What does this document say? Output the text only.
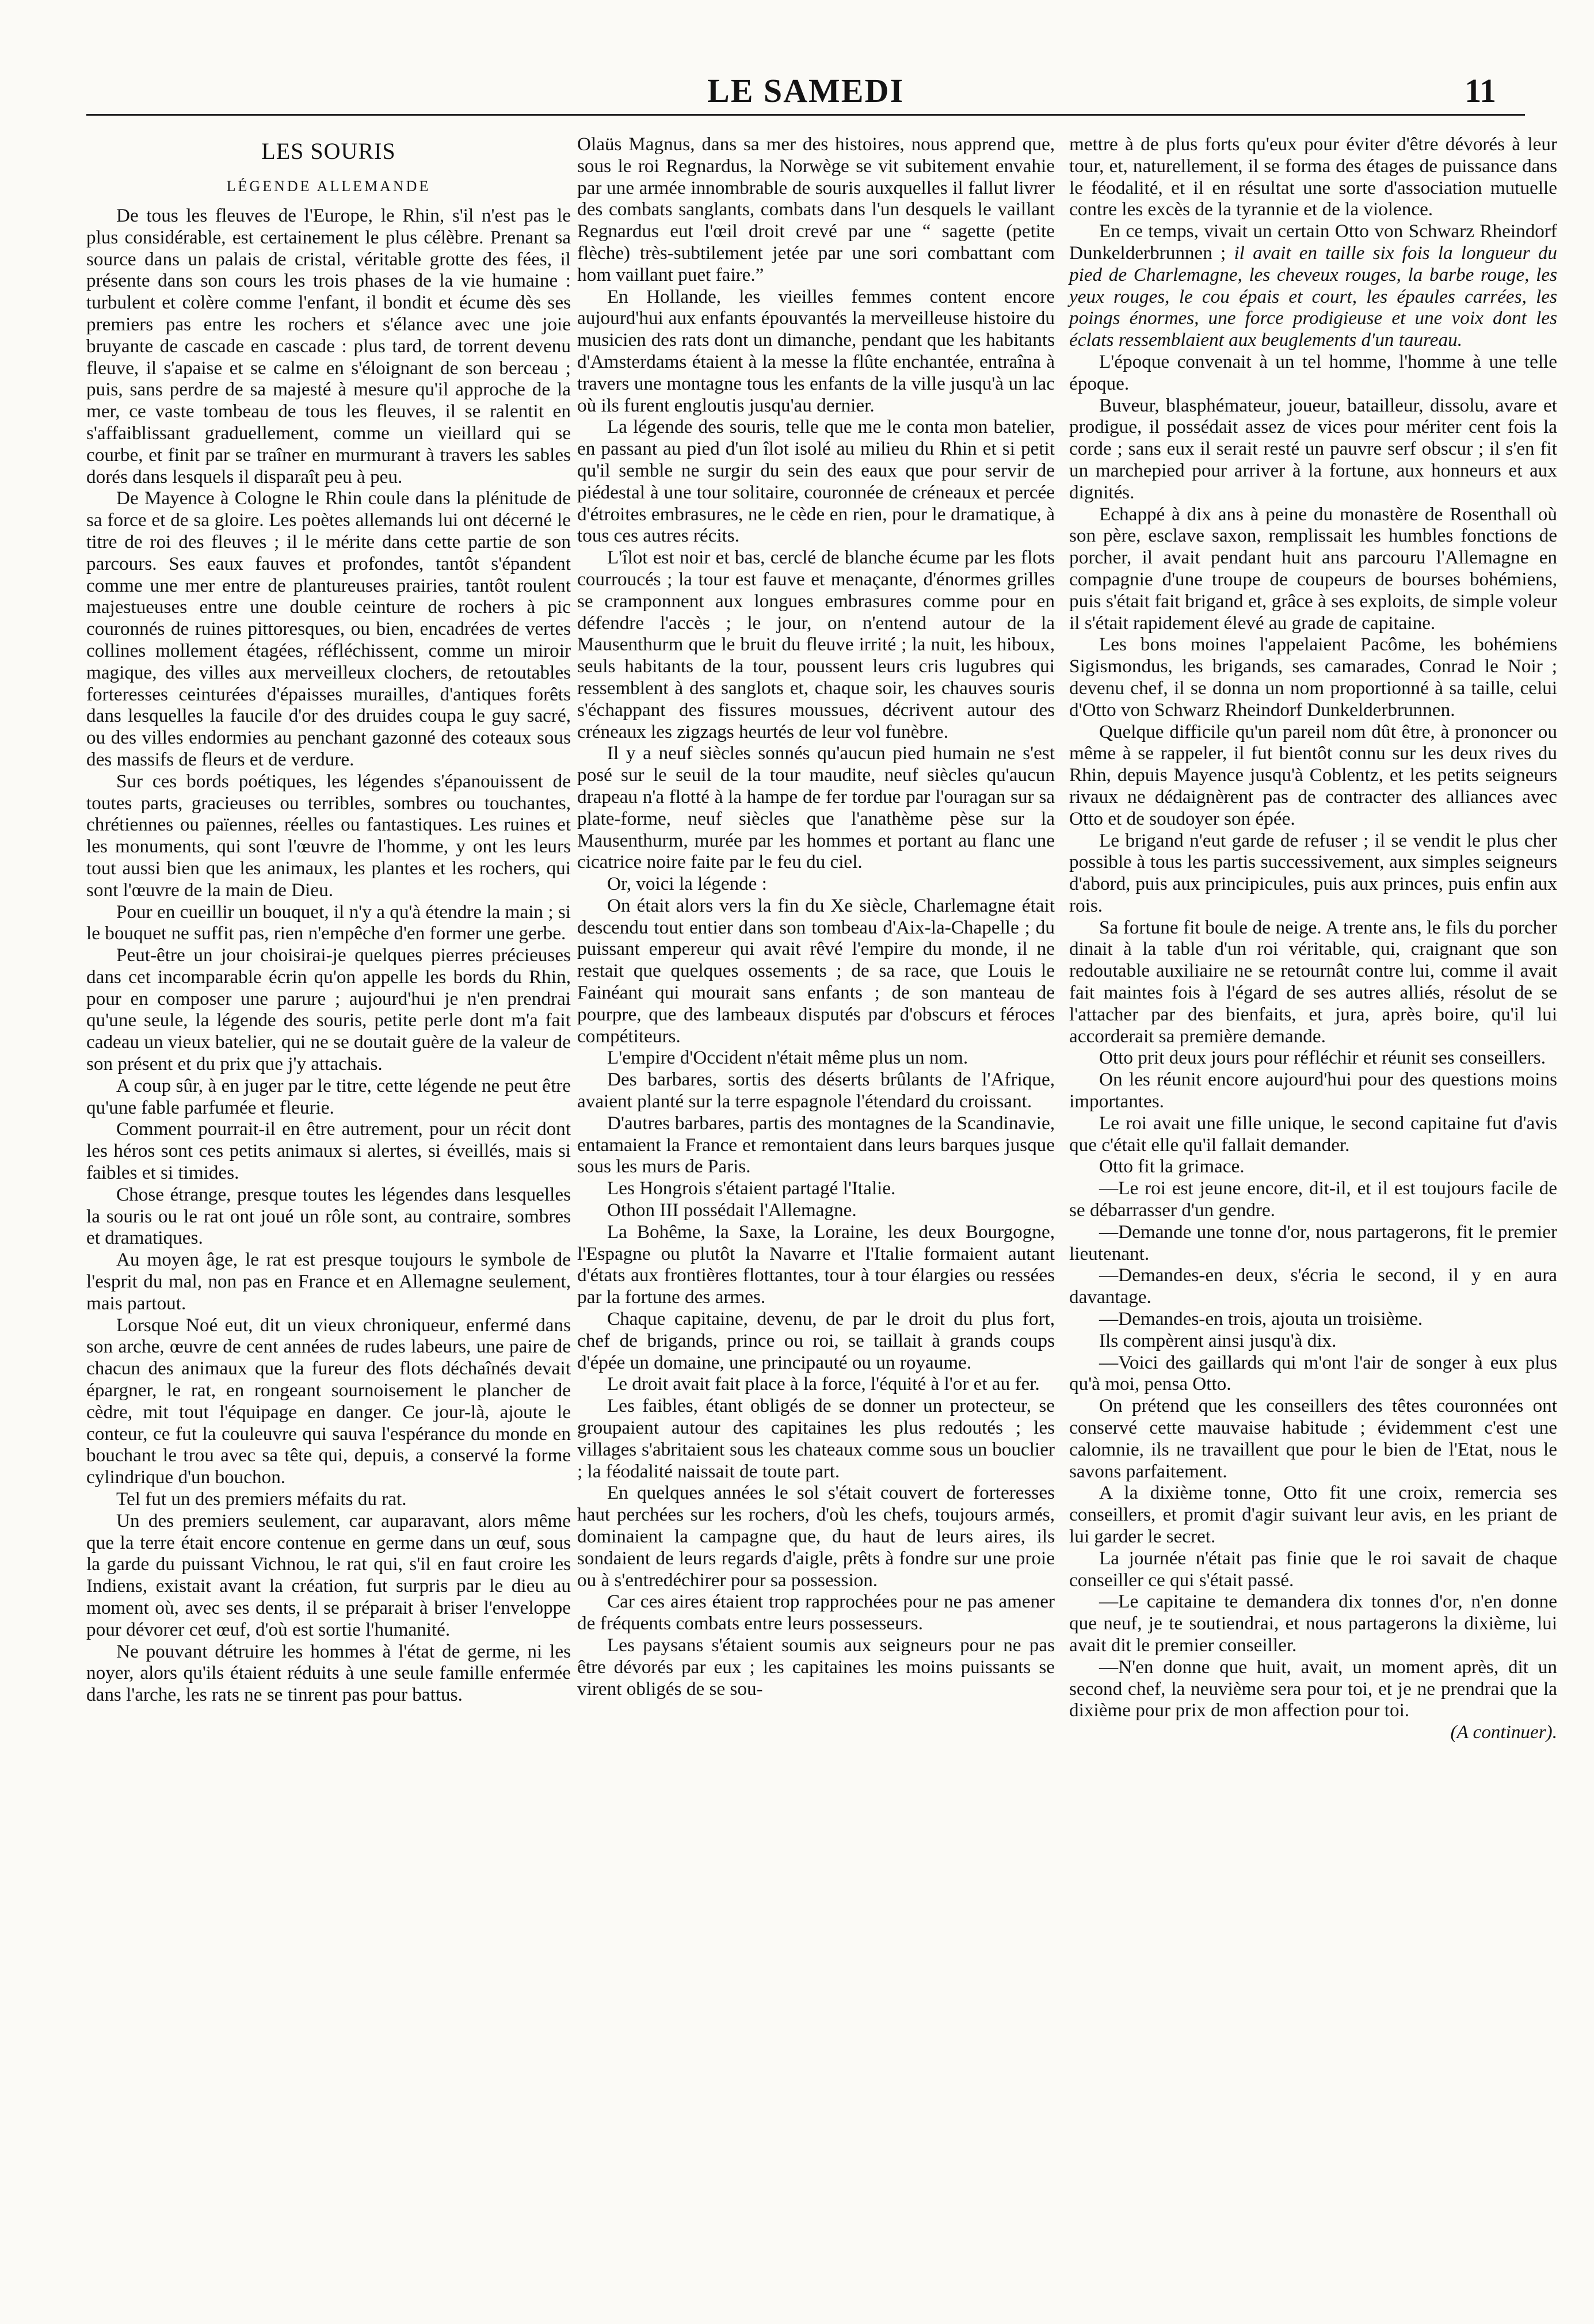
LE SAMEDI	11
LES SOURIS
LÉGENDE ALLEMANDE

De tous les fleuves de l'Europe, le Rhin, s'il n'est pas le plus considérable, est certainement le plus célèbre. Prenant sa source dans un palais de cristal, véritable grotte des fées, il présente dans son cours les trois phases de la vie humaine : turbulent et colère comme l'enfant, il bondit et écume dès ses premiers pas entre les rochers et s'élance avec une joie bruyante de cascade en cascade : plus tard, de torrent devenu fleuve, il s'apaise et se calme en s'éloignant de son berceau ; puis, sans perdre de sa majesté à mesure qu'il approche de la mer, ce vaste tombeau de tous les fleuves, il se ralentit en s'affaiblissant graduellement, comme un vieillard qui se courbe, et finit par se traîner en murmurant à travers les sables dorés dans lesquels il disparaît peu à peu.

De Mayence à Cologne le Rhin coule dans la plénitude de sa force et de sa gloire. Les poètes allemands lui ont décerné le titre de roi des fleuves ; il le mérite dans cette partie de son parcours. Ses eaux fauves et profondes, tantôt s'épandent comme une mer entre de plantureuses prairies, tantôt roulent majestueuses entre une double ceinture de rochers à pic couronnés de ruines pittoresques, ou bien, encadrées de vertes collines mollement étagées, réfléchissent, comme un miroir magique, des villes aux merveilleux clochers, de retoutables forteresses ceinturées d'épaisses murailles, d'antiques forêts dans lesquelles la faucile d'or des druides coupa le guy sacré, ou des villes endormies au penchant gazonné des coteaux sous des massifs de fleurs et de verdure.

Sur ces bords poétiques, les légendes s'épanouissent de toutes parts, gracieuses ou terribles, sombres ou touchantes, chrétiennes ou païennes, réelles ou fantastiques. Les ruines et les monuments, qui sont l'œuvre de l'homme, y ont les leurs tout aussi bien que les animaux, les plantes et les rochers, qui sont l'œuvre de la main de Dieu.

Pour en cueillir un bouquet, il n'y a qu'à étendre la main ; si le bouquet ne suffit pas, rien n'empêche d'en former une gerbe.

Peut-être un jour choisirai-je quelques pierres précieuses dans cet incomparable écrin qu'on appelle les bords du Rhin, pour en composer une parure ; aujourd'hui je n'en prendrai qu'une seule, la légende des souris, petite perle dont m'a fait cadeau un vieux batelier, qui ne se doutait guère de la valeur de son présent et du prix que j'y attachais.

A coup sûr, à en juger par le titre, cette légende ne peut être qu'une fable parfumée et fleurie.

Comment pourrait-il en être autrement, pour un récit dont les héros sont ces petits animaux si alertes, si éveillés, mais si faibles et si timides.

Chose étrange, presque toutes les légendes dans lesquelles la souris ou le rat ont joué un rôle sont, au contraire, sombres et dramatiques.

Au moyen âge, le rat est presque toujours le symbole de l'esprit du mal, non pas en France et en Allemagne seulement, mais partout.

Lorsque Noé eut, dit un vieux chroniqueur, enfermé dans son arche, œuvre de cent années de rudes labeurs, une paire de chacun des animaux que la fureur des flots déchaînés devait épargner, le rat, en rongeant sournoisement le plancher de cèdre, mit tout l'équipage en danger. Ce jour-là, ajoute le conteur, ce fut la couleuvre qui sauva l'espérance du monde en bouchant le trou avec sa tête qui, depuis, a conservé la forme cylindrique d'un bouchon.

Tel fut un des premiers méfaits du rat.

Un des premiers seulement, car auparavant, alors même que la terre était encore contenue en germe dans un œuf, sous la garde du puissant Vichnou, le rat qui, s'il en faut croire les Indiens, existait avant la création, fut surpris par le dieu au moment où, avec ses dents, il se préparait à briser l'enveloppe pour dévorer cet œuf, d'où est sortie l'humanité.

Ne pouvant détruire les hommes à l'état de germe, ni les noyer, alors qu'ils étaient réduits à une seule famille enfermée dans l'arche, les rats ne se tinrent pas pour battus.

Olaüs Magnus, dans sa mer des histoires, nous apprend que, sous le roi Regnardus, la Norwège se vit subitement envahie par une armée innombrable de souris auxquelles il fallut livrer des combats sanglants, combats dans l'un desquels le vaillant Regnardus eut l'œil droit crevé par une “ sagette (petite flèche) très-subtilement jetée par une sori combattant com hom vaillant puet faire.”

En Hollande, les vieilles femmes content encore aujourd'hui aux enfants épouvantés la merveilleuse histoire du musicien des rats dont un dimanche, pendant que les habitants d'Amsterdams étaient à la messe la flûte enchantée, entraîna à travers une montagne tous les enfants de la ville jusqu'à un lac où ils furent engloutis jusqu'au dernier.

La légende des souris, telle que me le conta mon batelier, en passant au pied d'un îlot isolé au milieu du Rhin et si petit qu'il semble ne surgir du sein des eaux que pour servir de piédestal à une tour solitaire, couronnée de créneaux et percée d'étroites embrasures, ne le cède en rien, pour le dramatique, à tous ces autres récits.

L'îlot est noir et bas, cerclé de blanche écume par les flots courroucés ; la tour est fauve et menaçante, d'énormes grilles se cramponnent aux longues embrasures comme pour en défendre l'accès ; le jour, on n'entend autour de la Mausenthurm que le bruit du fleuve irrité ; la nuit, les hiboux, seuls habitants de la tour, poussent leurs cris lugubres qui ressemblent à des sanglots et, chaque soir, les chauves souris s'échappant des fissures moussues, décrivent autour des créneaux les zigzags heurtés de leur vol funèbre.

Il y a neuf siècles sonnés qu'aucun pied humain ne s'est posé sur le seuil de la tour maudite, neuf siècles qu'aucun drapeau n'a flotté à la hampe de fer tordue par l'ouragan sur sa plate-forme, neuf siècles que l'anathème pèse sur la Mausenthurm, murée par les hommes et portant au flanc une cicatrice noire faite par le feu du ciel.

Or, voici la légende :

On était alors vers la fin du Xe siècle, Charlemagne était descendu tout entier dans son tombeau d'Aix-la-Chapelle ; du puissant empereur qui avait rêvé l'empire du monde, il ne restait que quelques ossements ; de sa race, que Louis le Fainéant qui mourait sans enfants ; de son manteau de pourpre, que des lambeaux disputés par d'obscurs et féroces compétiteurs.

L'empire d'Occident n'était même plus un nom.

Des barbares, sortis des déserts brûlants de l'Afrique, avaient planté sur la terre espagnole l'étendard du croissant.

D'autres barbares, partis des montagnes de la Scandinavie, entamaient la France et remontaient dans leurs barques jusque sous les murs de Paris.

Les Hongrois s'étaient partagé l'Italie.

Othon III possédait l'Allemagne.

La Bohême, la Saxe, la Loraine, les deux Bourgogne, l'Espagne ou plutôt la Navarre et l'Italie formaient autant d'états aux frontières flottantes, tour à tour élargies ou ressées par la fortune des armes.

Chaque capitaine, devenu, de par le droit du plus fort, chef de brigands, prince ou roi, se taillait à grands coups d'épée un domaine, une principauté ou un royaume.

Le droit avait fait place à la force, l'équité à l'or et au fer.

Les faibles, étant obligés de se donner un protecteur, se groupaient autour des capitaines les plus redoutés ; les villages s'abritaient sous les chateaux comme sous un bouclier ; la féodalité naissait de toute part.

En quelques années le sol s'était couvert de forteresses haut perchées sur les rochers, d'où les chefs, toujours armés, dominaient la campagne que, du haut de leurs aires, ils sondaient de leurs regards d'aigle, prêts à fondre sur une proie ou à s'entredéchirer pour sa possession.

Car ces aires étaient trop rapprochées pour ne pas amener de fréquents combats entre leurs possesseurs.

Les paysans s'étaient soumis aux seigneurs pour ne pas être dévorés par eux ; les capitaines les moins puissants se virent obligés de se sou-

mettre à de plus forts qu'eux pour éviter d'être dévorés à leur tour, et, naturellement, il se forma des étages de puissance dans le féodalité, et il en résultat une sorte d'association mutuelle contre les excès de la tyrannie et de la violence.

En ce temps, vivait un certain Otto von Schwarz Rheindorf Dunkelderbrunnen ; il avait en taille six fois la longueur du pied de Charlemagne, les cheveux rouges, la barbe rouge, les yeux rouges, le cou épais et court, les épaules carrées, les poings énormes, une force prodigieuse et une voix dont les éclats ressemblaient aux beuglements d'un taureau.

L'époque convenait à un tel homme, l'homme à une telle époque.

Buveur, blasphémateur, joueur, batailleur, dissolu, avare et prodigue, il possédait assez de vices pour mériter cent fois la corde ; sans eux il serait resté un pauvre serf obscur ; il s'en fit un marchepied pour arriver à la fortune, aux honneurs et aux dignités.

Echappé à dix ans à peine du monastère de Rosenthall où son père, esclave saxon, remplissait les humbles fonctions de porcher, il avait pendant huit ans parcouru l'Allemagne en compagnie d'une troupe de coupeurs de bourses bohémiens, puis s'était fait brigand et, grâce à ses exploits, de simple voleur il s'était rapidement élevé au grade de capitaine.

Les bons moines l'appelaient Pacôme, les bohémiens Sigismondus, les brigands, ses camarades, Conrad le Noir ; devenu chef, il se donna un nom proportionné à sa taille, celui d'Otto von Schwarz Rheindorf Dunkelderbrunnen.

Quelque difficile qu'un pareil nom dût être, à prononcer ou même à se rappeler, il fut bientôt connu sur les deux rives du Rhin, depuis Mayence jusqu'à Coblentz, et les petits seigneurs rivaux ne dédaignèrent pas de contracter des alliances avec Otto et de soudoyer son épée.

Le brigand n'eut garde de refuser ; il se vendit le plus cher possible à tous les partis successivement, aux simples seigneurs d'abord, puis aux principicules, puis aux princes, puis enfin aux rois.

Sa fortune fit boule de neige. A trente ans, le fils du porcher dinait à la table d'un roi véritable, qui, craignant que son redoutable auxiliaire ne se retournât contre lui, comme il avait fait maintes fois à l'égard de ses autres alliés, résolut de se l'attacher par des bienfaits, et jura, après boire, qu'il lui accorderait sa première demande.

Otto prit deux jours pour réfléchir et réunit ses conseillers.

On les réunit encore aujourd'hui pour des questions moins importantes.

Le roi avait une fille unique, le second capitaine fut d'avis que c'était elle qu'il fallait demander.

Otto fit la grimace.

—Le roi est jeune encore, dit-il, et il est toujours facile de se débarrasser d'un gendre.

—Demande une tonne d'or, nous partagerons, fit le premier lieutenant.

—Demandes-en deux, s'écria le second, il y en aura davantage.

—Demandes-en trois, ajouta un troisième.

Ils compèrent ainsi jusqu'à dix.

—Voici des gaillards qui m'ont l'air de songer à eux plus qu'à moi, pensa Otto.

On prétend que les conseillers des têtes couronnées ont conservé cette mauvaise habitude ; évidemment c'est une calomnie, ils ne travaillent que pour le bien de l'Etat, nous le savons parfaitement.

A la dixième tonne, Otto fit une croix, remercia ses conseillers, et promit d'agir suivant leur avis, en les priant de lui garder le secret.

La journée n'était pas finie que le roi savait de chaque conseiller ce qui s'était passé.

—Le capitaine te demandera dix tonnes d'or, n'en donne que neuf, je te soutiendrai, et nous partagerons la dixième, lui avait dit le premier conseiller.

—N'en donne que huit, avait, un moment après, dit un second chef, la neuvième sera pour toi, et je ne prendrai que la dixième pour prix de mon affection pour toi.

(A continuer).
